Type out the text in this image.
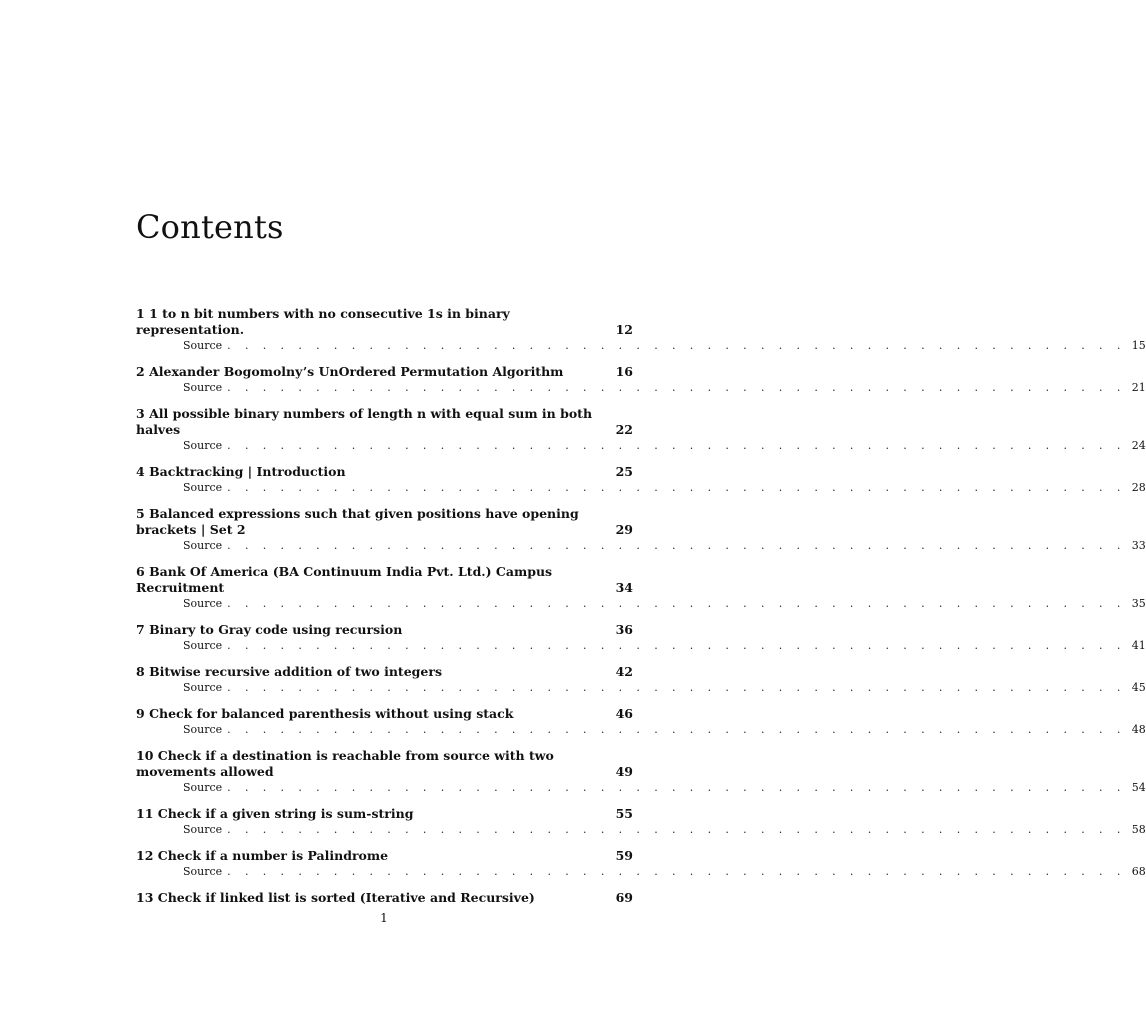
Contents
1 1 to n bit numbers with no consecutive 1s in binary representation.	12
Source . . . . . . . . . . . . . . . . . . . . . . . . . . . . . . . . . . . . . . . . . . . . . . . . . . . 15
2 Alexander Bogomolny’s UnOrdered Permutation Algorithm	16
Source . . . . . . . . . . . . . . . . . . . . . . . . . . . . . . . . . . . . . . . . . . . . . . . . . . . 21
3 All possible binary numbers of length n with equal sum in both halves	22
Source . . . . . . . . . . . . . . . . . . . . . . . . . . . . . . . . . . . . . . . . . . . . . . . . . . . 24
4 Backtracking | Introduction	25
Source . . . . . . . . . . . . . . . . . . . . . . . . . . . . . . . . . . . . . . . . . . . . . . . . . . . 28
5 Balanced expressions such that given positions have opening brackets | Set 2	29
Source . . . . . . . . . . . . . . . . . . . . . . . . . . . . . . . . . . . . . . . . . . . . . . . . . . . 33
6 Bank Of America (BA Continuum India Pvt. Ltd.) Campus Recruitment	34
Source . . . . . . . . . . . . . . . . . . . . . . . . . . . . . . . . . . . . . . . . . . . . . . . . . . . 35
7 Binary to Gray code using recursion	36
Source . . . . . . . . . . . . . . . . . . . . . . . . . . . . . . . . . . . . . . . . . . . . . . . . . . . 41
8 Bitwise recursive addition of two integers	42
Source . . . . . . . . . . . . . . . . . . . . . . . . . . . . . . . . . . . . . . . . . . . . . . . . . . . 45
9 Check for balanced parenthesis without using stack	46
Source . . . . . . . . . . . . . . . . . . . . . . . . . . . . . . . . . . . . . . . . . . . . . . . . . . . 48
10 Check if a destination is reachable from source with two movements allowed	49
Source . . . . . . . . . . . . . . . . . . . . . . . . . . . . . . . . . . . . . . . . . . . . . . . . . . . 54
11 Check if a given string is sum-string	55
Source . . . . . . . . . . . . . . . . . . . . . . . . . . . . . . . . . . . . . . . . . . . . . . . . . . . 58
12 Check if a number is Palindrome	59
Source . . . . . . . . . . . . . . . . . . . . . . . . . . . . . . . . . . . . . . . . . . . . . . . . . . . 68
13 Check if linked list is sorted (Iterative and Recursive)	69
1
